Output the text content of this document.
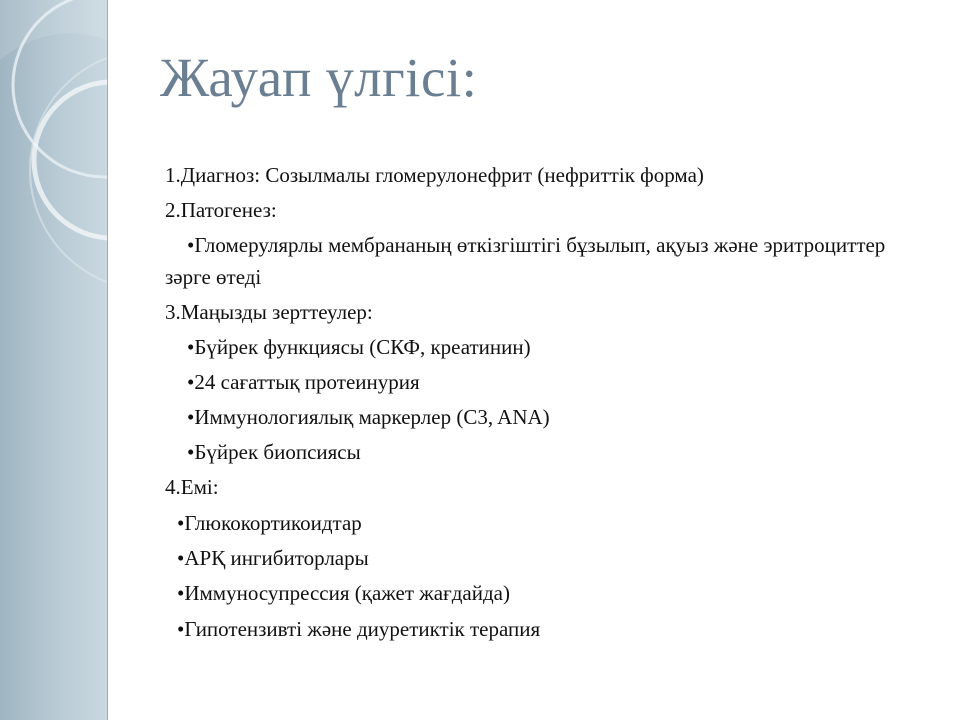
Жауап үлгісі:
1.Диагноз: Созылмалы гломерулонефрит (нефриттік форма)
2.Патогенез:
•Гломерулярлы мембрананың өткізгіштігі бұзылып, ақуыз және эритроциттер зәрге өтеді
3.Маңызды зерттеулер:
•Бүйрек функциясы (СКФ, креатинин)
•24 сағаттық протеинурия
•Иммунологиялық маркерлер (C3, ANA)
•Бүйрек биопсиясы
4.Емі:
•Глюкокортикоидтар
•АРҚ ингибиторлары
•Иммуносупрессия (қажет жағдайда)
•Гипотензивті және диуретиктік терапия
